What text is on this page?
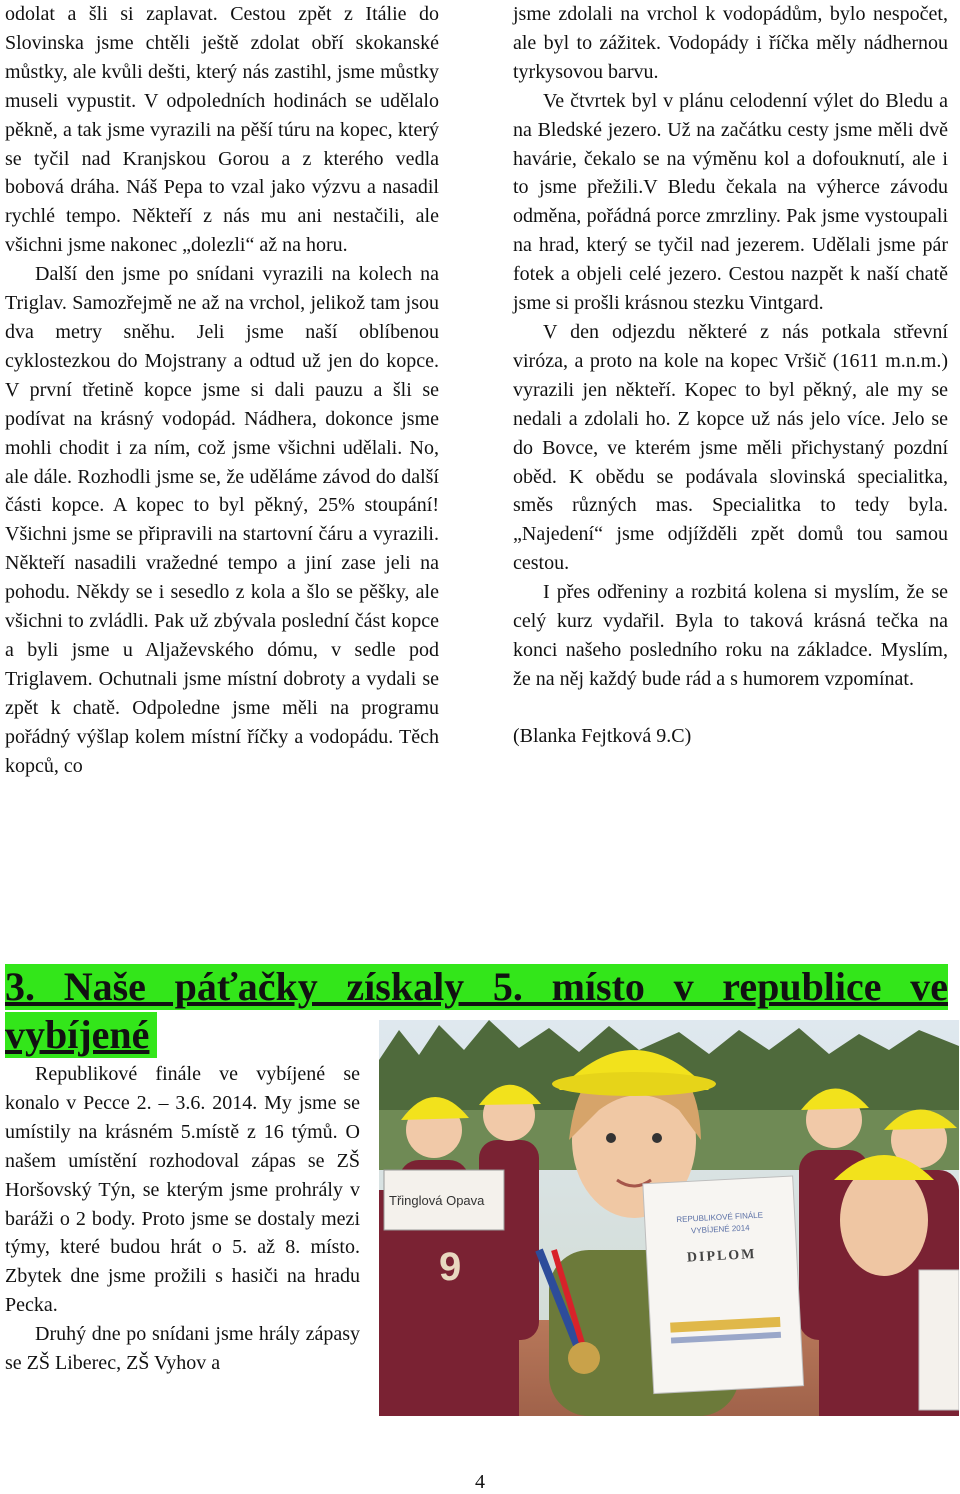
odolat a šli si zaplavat. Cestou zpět z Itálie do Slovinska jsme chtěli ještě zdolat obří skokanské můstky, ale kvůli dešti, který nás zastihl, jsme můstky museli vypustit. V odpoledních hodinách se udělalo pěkně, a tak jsme vyrazili na pěší túru na kopec, který se tyčil nad Kranjskou Gorou a z kterého vedla bobová dráha. Náš Pepa to vzal jako výzvu a nasadil rychlé tempo. Někteří z nás mu ani nestačili, ale všichni jsme nakonec „dolezli“ až na horu.

Další den jsme po snídani vyrazili na kolech na Triglav. Samozřejmě ne až na vrchol, jelikož tam jsou dva metry sněhu. Jeli jsme naší oblíbenou cyklostezkou do Mojstrany a odtud už jen do kopce. V první třetině kopce jsme si dali pauzu a šli se podívat na krásný vodopád. Nádhera, dokonce jsme mohli chodit i za ním, což jsme všichni udělali. No, ale dále. Rozhodli jsme se, že uděláme závod do další části kopce. A kopec to byl pěkný, 25% stoupání! Všichni jsme se připravili na startovní čáru a vyrazili. Někteří nasadili vražedné tempo a jiní zase jeli na pohodu. Někdy se i sesedlo z kola a šlo se pěšky, ale všichni to zvládli. Pak už zbývala poslední část kopce a byli jsme u Aljaževského dómu, v sedle pod Triglavem. Ochutnali jsme místní dobroty a vydali se zpět k chatě. Odpoledne jsme měli na programu pořádný výšlap kolem místní říčky a vodopádu. Těch kopců, co

jsme zdolali na vrchol k vodopádům, bylo nespočet, ale byl to zážitek. Vodopády i říčka měly nádhernou tyrkysovou barvu.

Ve čtvrtek byl v plánu celodenní výlet do Bledu a na Bledské jezero. Už na začátku cesty jsme měli dvě havárie, čekalo se na výměnu kol a dofouknutí, ale i to jsme přežili.V Bledu čekala na výherce závodu odměna, pořádná porce zmrzliny. Pak jsme vystoupali na hrad, který se tyčil nad jezerem. Udělali jsme pár fotek a objeli celé jezero. Cestou nazpět k naší chatě jsme si prošli krásnou stezku Vintgard.

V den odjezdu některé z nás potkala střevní viróza, a proto na kole na kopec Vršič (1611 m.n.m.) vyrazili jen někteří. Kopec to byl pěkný, ale my se nedali a zdolali ho. Z kopce už nás jelo více. Jelo se do Bovce, ve kterém jsme měli přichystaný pozdní oběd. K obědu se podávala slovinská specialitka, směs různých mas. Specialitka to tedy byla. „Najedení“ jsme odjížděli zpět domů tou samou cestou.

I přes odřeniny a rozbitá kolena si myslím, že se celý kurz vydařil. Byla to taková krásná tečka na konci našeho posledního roku na základce. Myslím, že na něj každý bude rád a s humorem vzpomínat.

(Blanka Fejtková 9.C)

3. Naše páťačky získaly 5. místo v republice ve
vybíjené

Republikové finále ve vybíjené se konalo v Pecce 2. – 3.6. 2014. My jsme se umístily na krásném 5.místě z 16 týmů. O našem umístění rozhodoval zápas se ZŠ Horšovský Týn, se kterým jsme prohrály v baráži o 2 body. Proto jsme se dostaly mezi týmy, které budou hrát o 5. až 8. místo. Zbytek dne jsme prožili s hasiči na hradu Pecka.

Druhý dne po snídani jsme hrály zápasy se ZŠ Liberec, ZŠ Vyhov a

Třinglová Opava
9
REPUBLIKOVÉ FINÁLE
VYBÍJENÉ 2014
DIPLOM
4
